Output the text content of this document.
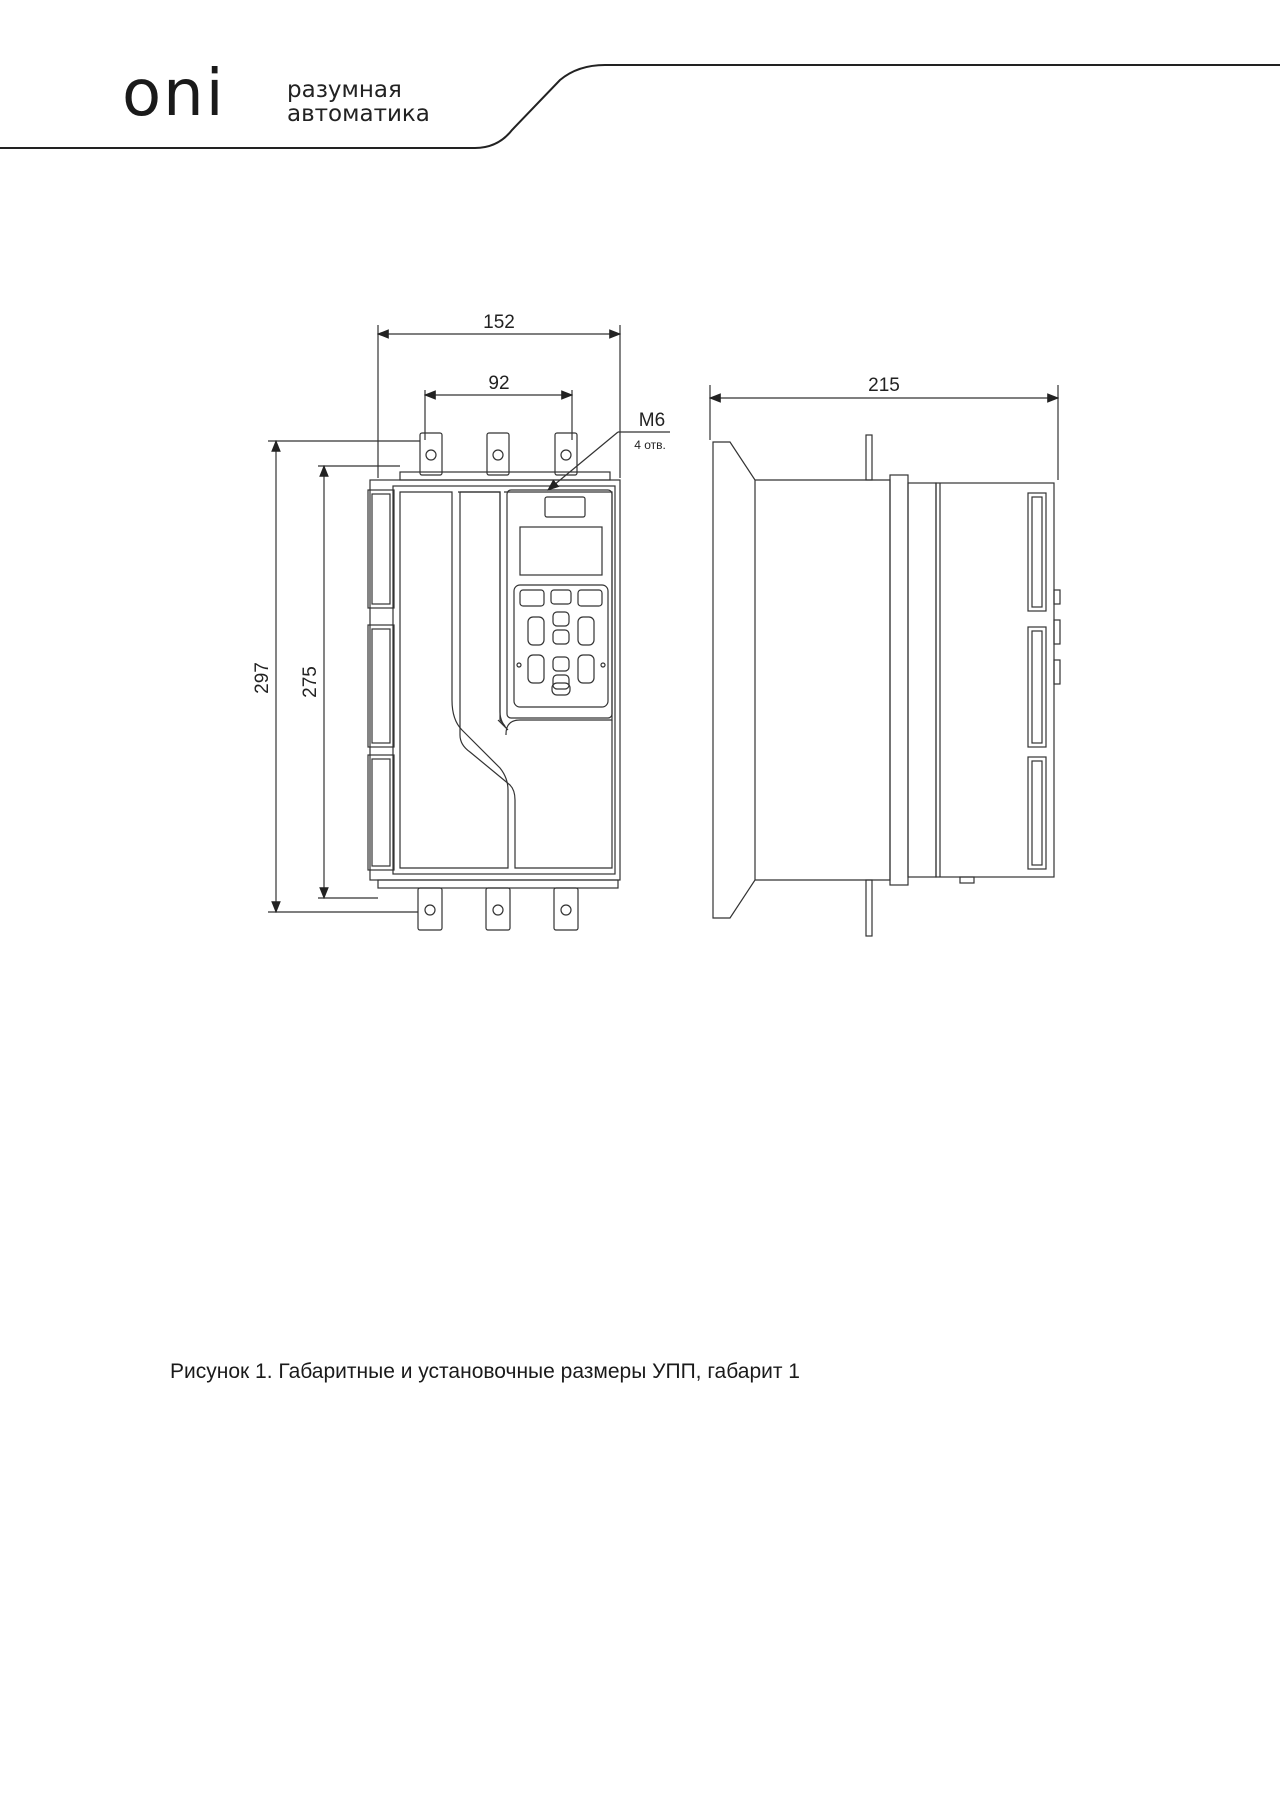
oni	разумная
автоматика
152
92	215
M6
4 отв.
297 275
Рисунок 1. Габаритные и установочные размеры УПП, габарит 1
